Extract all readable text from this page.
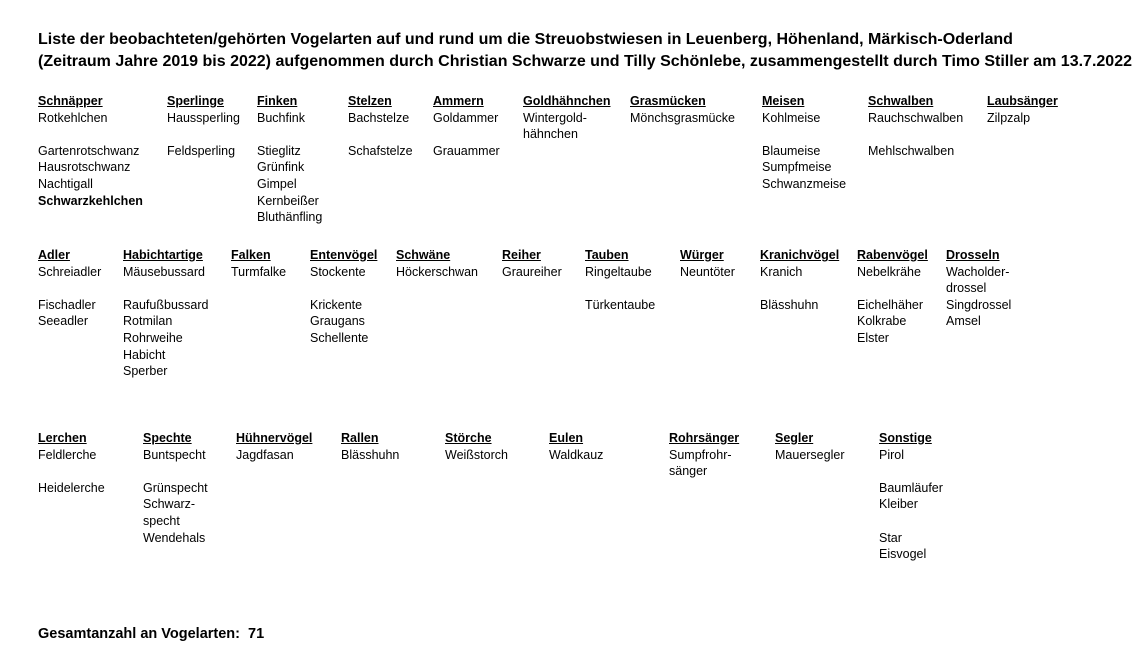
Liste der beobachteten/gehörten Vogelarten auf und rund um die Streuobstwiesen in Leuenberg, Höhenland, Märkisch-Oderland
(Zeitraum Jahre 2019 bis 2022) aufgenommen durch Christian Schwarze und Tilly Schönlebe, zusammengestellt durch Timo Stiller am 13.7.2022
Schnäpper
Rotkehlchen
Gartenrotschwanz
Hausrotschwanz
Nachtigall
Schwarzkehlchen
Sperlinge
Haussperling
Feldsperling
Finken
Buchfink
Stieglitz
Grünfink
Gimpel
Kernbeißer
Bluthänfling
Stelzen
Bachstelze
Schafstelze
Ammern
Goldammer
Grauammer
Goldhähnchen
Wintergold-
hähnchen
Grasmücken
Mönchsgrasmücke
Meisen
Kohlmeise
Blaumeise
Sumpfmeise
Schwanzmeise
Schwalben
Rauchschwalben
Mehlschwalben
Laubsänger
Zilpzalp
Adler
Schreiadler
Fischadler
Seeadler
Habichtartige
Mäusebussard
Raufußbussard
Rotmilan
Rohrweihe
Habicht
Sperber
Falken
Turmfalke
Entenvögel
Stockente
Krickente
Graugans
Schellente
Schwäne
Höckerschwan
Reiher
Graureiher
Tauben
Ringeltaube
Türkentaube
Würger
Neuntöter
Kranichvögel
Kranich
Blässhuhn
Rabenvögel
Nebelkrähe
Eichelhäher
Kolkrabe
Elster
Drosseln
Wacholder-
drossel
Singdrossel
Amsel
Lerchen
Feldlerche
Heidelerche
Spechte
Buntspecht
Grünspecht
Schwarz-
specht
Wendehals
Hühnervögel
Jagdfasan
Rallen
Blässhuhn
Störche
Weißstorch
Eulen
Waldkauz
Rohrsänger
Sumpfrohr-
sänger
Segler
Mauersegler
Sonstige
Pirol
Baumläufer
Kleiber
Star
Eisvogel
Gesamtanzahl an Vogelarten: 71
